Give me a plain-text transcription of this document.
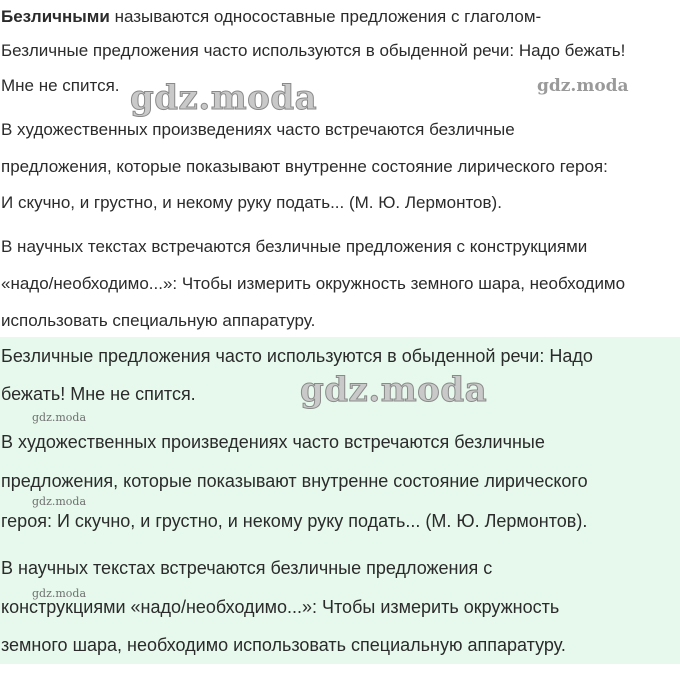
Безличными называются односоставные предложения с глаголом-
Безличные предложения часто используются в обыденной речи: Надо бежать!
Мне не спится.
В художественных произведениях часто встречаются безличные
предложения, которые показывают внутренне состояние лирического героя:
И скучно, и грустно, и некому руку подать... (М. Ю. Лермонтов).
В научных текстах встречаются безличные предложения с конструкциями
«надо/необходимо...»: Чтобы измерить окружность земного шара, необходимо
использовать специальную аппаратуру.
Безличные предложения часто используются в обыденной речи: Надо
бежать! Мне не спится.
В художественных произведениях часто встречаются безличные
предложения, которые показывают внутренне состояние лирического
героя: И скучно, и грустно, и некому руку подать... (М. Ю. Лермонтов).
В научных текстах встречаются безличные предложения с
конструкциями «надо/необходимо...»: Чтобы измерить окружность
земного шара, необходимо использовать специальную аппаратуру.
gdz.moda	gdz.moda
gdz.moda
gdz.moda
gdz.moda
gdz.moda
